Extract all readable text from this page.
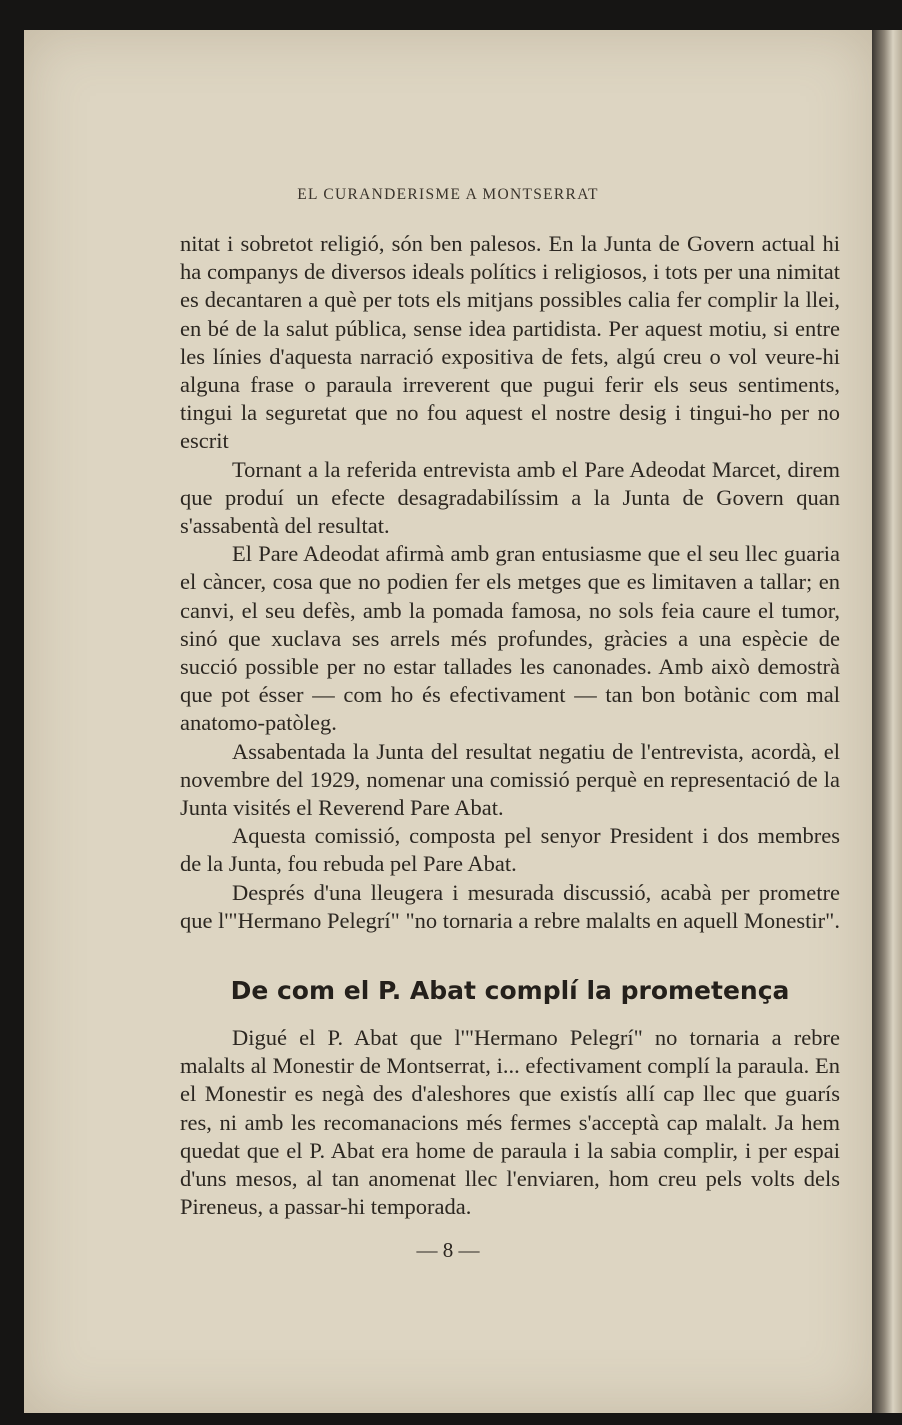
EL CURANDERISME A MONTSERRAT

nitat i sobretot religió, són ben palesos. En la Junta de Govern actual hi ha companys de diversos ideals polítics i religiosos, i tots per una nimitat es decantaren a què per tots els mitjans possibles calia fer complir la llei, en bé de la salut pública, sense idea partidista. Per aquest motiu, si entre les línies d'aquesta narració expositiva de fets, algú creu o vol veure-hi alguna frase o paraula irreverent que pugui ferir els seus sentiments, tingui la seguretat que no fou aquest el nostre desig i tingui-ho per no escrit

Tornant a la referida entrevista amb el Pare Adeodat Marcet, direm que produí un efecte desagradabilíssim a la Junta de Govern quan s'assabentà del resultat.

El Pare Adeodat afirmà amb gran entusiasme que el seu llec guaria el càncer, cosa que no podien fer els metges que es limitaven a tallar; en canvi, el seu defès, amb la pomada famosa, no sols feia caure el tumor, sinó que xuclava ses arrels més profundes, gràcies a una espècie de succió possible per no estar tallades les canonades. Amb això demostrà que pot ésser — com ho és efectivament — tan bon botànic com mal anatomo-patòleg.

Assabentada la Junta del resultat negatiu de l'entrevista, acordà, el novembre del 1929, nomenar una comissió perquè en representació de la Junta visités el Reverend Pare Abat.

Aquesta comissió, composta pel senyor President i dos membres de la Junta, fou rebuda pel Pare Abat.

Després d'una lleugera i mesurada discussió, acabà per prometre que l'"Hermano Pelegrí" "no tornaria a rebre malalts en aquell Monestir".

De com el P. Abat complí la prometença

Digué el P. Abat que l'"Hermano Pelegrí" no tornaria a rebre malalts al Monestir de Montserrat, i... efectivament complí la paraula. En el Monestir es negà des d'aleshores que existís allí cap llec que guarís res, ni amb les recomanacions més fermes s'acceptà cap malalt. Ja hem quedat que el P. Abat era home de paraula i la sabia complir, i per espai d'uns mesos, al tan anomenat llec l'enviaren, hom creu pels volts dels Pireneus, a passar-hi temporada.

— 8 —
